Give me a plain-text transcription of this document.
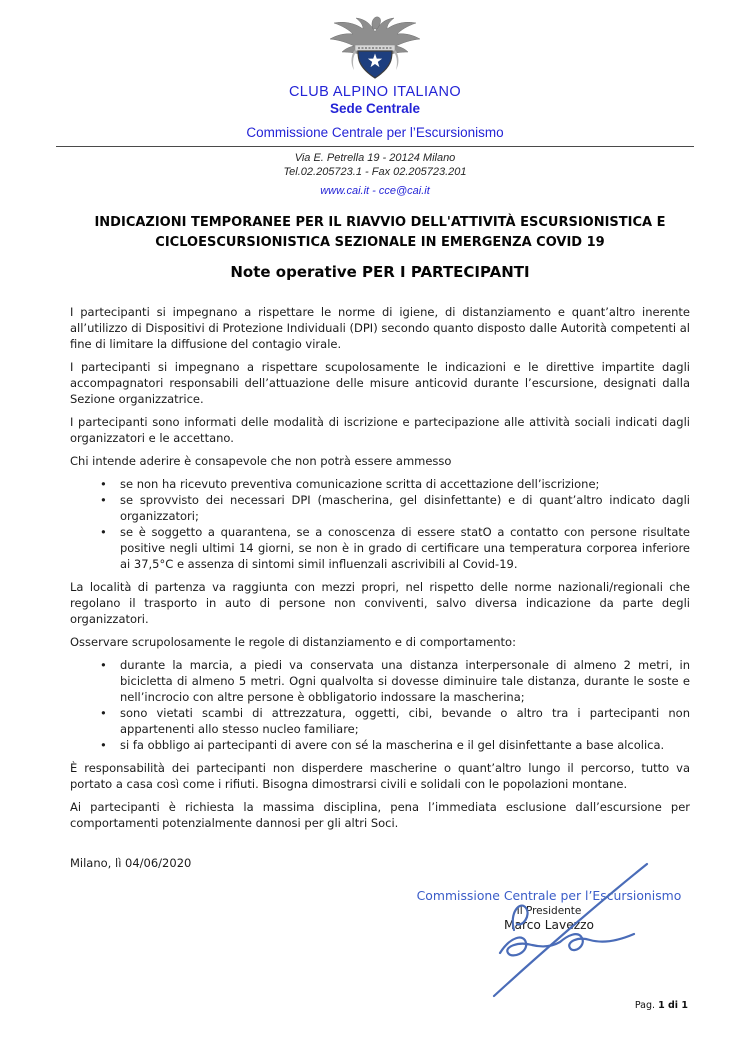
CLUB ALPINO ITALIANO
Sede Centrale
Commissione Centrale per l’Escursionismo
Via E. Petrella 19 - 20124 Milano
Tel.02.205723.1 - Fax 02.205723.201
www.cai.it - cce@cai.it
INDICAZIONI TEMPORANEE PER IL RIAVVIO DELL'ATTIVITÀ ESCURSIONISTICA E
CICLOESCURSIONISTICA SEZIONALE IN EMERGENZA COVID 19
Note operative PER I PARTECIPANTI

I partecipanti si impegnano a rispettare le norme di igiene, di distanziamento e quant’altro inerente all’utilizzo di Dispositivi di Protezione Individuali (DPI) secondo quanto disposto dalle Autorità competenti al fine di limitare la diffusione del contagio virale.

I partecipanti si impegnano a rispettare scupolosamente le indicazioni e le direttive impartite dagli accompagnatori responsabili dell’attuazione delle misure anticovid durante l’escursione, designati dalla Sezione organizzatrice.

I partecipanti sono informati delle modalità di iscrizione e partecipazione alle attività sociali indicati dagli organizzatori e le accettano.

Chi intende aderire è consapevole che non potrà essere ammesso

• se non ha ricevuto preventiva comunicazione scritta di accettazione dell’iscrizione;
• se sprovvisto dei necessari DPI (mascherina, gel disinfettante) e di quant’altro indicato dagli organizzatori;
• se è soggetto a quarantena, se a conoscenza di essere statO a contatto con persone risultate positive negli ultimi 14 giorni, se non è in grado di certificare una temperatura corporea inferiore ai 37,5°C e assenza di sintomi simil influenzali ascrivibili al Covid-19.

La località di partenza va raggiunta con mezzi propri, nel rispetto delle norme nazionali/regionali che regolano il trasporto in auto di persone non conviventi, salvo diversa indicazione da parte degli organizzatori.

Osservare scrupolosamente le regole di distanziamento e di comportamento:

• durante la marcia, a piedi va conservata una distanza interpersonale di almeno 2 metri, in bicicletta di almeno 5 metri. Ogni qualvolta si dovesse diminuire tale distanza, durante le soste e nell’incrocio con altre persone è obbligatorio indossare la mascherina;
• sono vietati scambi di attrezzatura, oggetti, cibi, bevande o altro tra i partecipanti non appartenenti allo stesso nucleo familiare;
• si fa obbligo ai partecipanti di avere con sé la mascherina e il gel disinfettante a base alcolica.

È responsabilità dei partecipanti non disperdere mascherine o quant’altro lungo il percorso, tutto va portato a casa così come i rifiuti. Bisogna dimostrarsi civili e solidali con le popolazioni montane.

Ai partecipanti è richiesta la massima disciplina, pena l’immediata esclusione dall’escursione per comportamenti potenzialmente dannosi per gli altri Soci.

Milano, lì 04/06/2020

Commissione Centrale per l’Escursionismo
Il Presidente
Marco Lavezzo
Pag. 1 di 1
